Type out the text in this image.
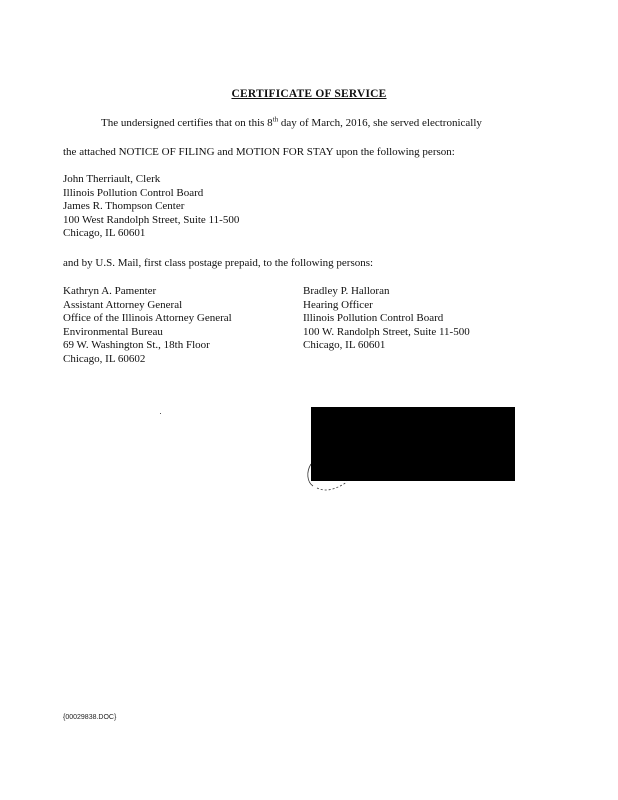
CERTIFICATE OF SERVICE
The undersigned certifies that on this 8th day of March, 2016, she served electronically
the attached NOTICE OF FILING and MOTION FOR STAY upon the following person:
John Therriault, Clerk
Illinois Pollution Control Board
James R. Thompson Center
100 West Randolph Street, Suite 11-500
Chicago, IL 60601
and by U.S. Mail, first class postage prepaid, to the following persons:
Kathryn A. Pamenter
Assistant Attorney General
Office of the Illinois Attorney General
Environmental Bureau
69 W. Washington St., 18th Floor
Chicago, IL 60602
Bradley P. Halloran
Hearing Officer
Illinois Pollution Control Board
100 W. Randolph Street, Suite 11-500
Chicago, IL 60601
{00029838.DOC}
